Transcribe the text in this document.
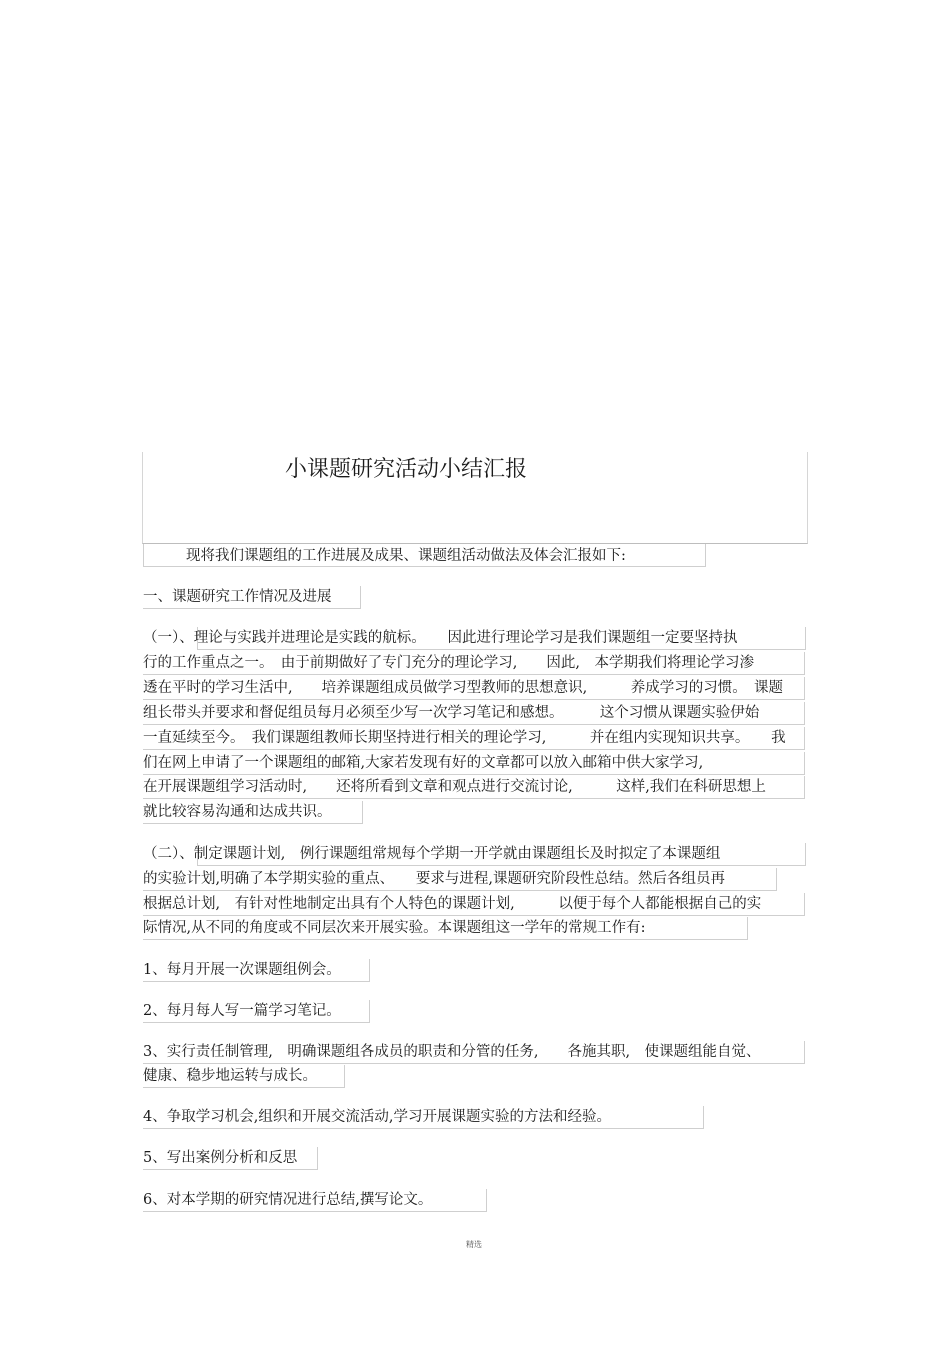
小课题研究活动小结汇报
现将我们课题组的工作进展及成果、课题组活动做法及体会汇报如下:
一、课题研究工作情况及进展
（一）、理论与实践并进理论是实践的航标。　　因此进行理论学习是我们课题组一定要坚持执
行的工作重点之一。　由于前期做好了专门充分的理论学习,　　因此,　本学期我们将理论学习渗
透在平时的学习生活中,　　培养课题组成员做学习型教师的思想意识,　　　养成学习的习惯。　课题
组长带头并要求和督促组员每月必须至少写一次学习笔记和感想。　　　这个习惯从课题实验伊始
一直延续至今。　我们课题组教师长期坚持进行相关的理论学习,　　　并在组内实现知识共享。　　我
们在网上申请了一个课题组的邮箱,大家若发现有好的文章都可以放入邮箱中供大家学习,
在开展课题组学习活动时,　　还将所看到文章和观点进行交流讨论,　　　这样,我们在科研思想上
就比较容易沟通和达成共识。
（二）、制定课题计划,　例行课题组常规每个学期一开学就由课题组长及时拟定了本课题组
的实验计划,明确了本学期实验的重点、　　要求与进程,课题研究阶段性总结。然后各组员再
根据总计划,　有针对性地制定出具有个人特色的课题计划,　　　以便于每个人都能根据自己的实
际情况,从不同的角度或不同层次来开展实验。本课题组这一学年的常规工作有:
1、每月开展一次课题组例会。
2、每月每人写一篇学习笔记。
3、实行责任制管理,　明确课题组各成员的职责和分管的任务,　　各施其职,　使课题组能自觉、
健康、稳步地运转与成长。
4、争取学习机会,组织和开展交流活动,学习开展课题实验的方法和经验。
5、写出案例分析和反思
6、对本学期的研究情况进行总结,撰写论文。
精选
